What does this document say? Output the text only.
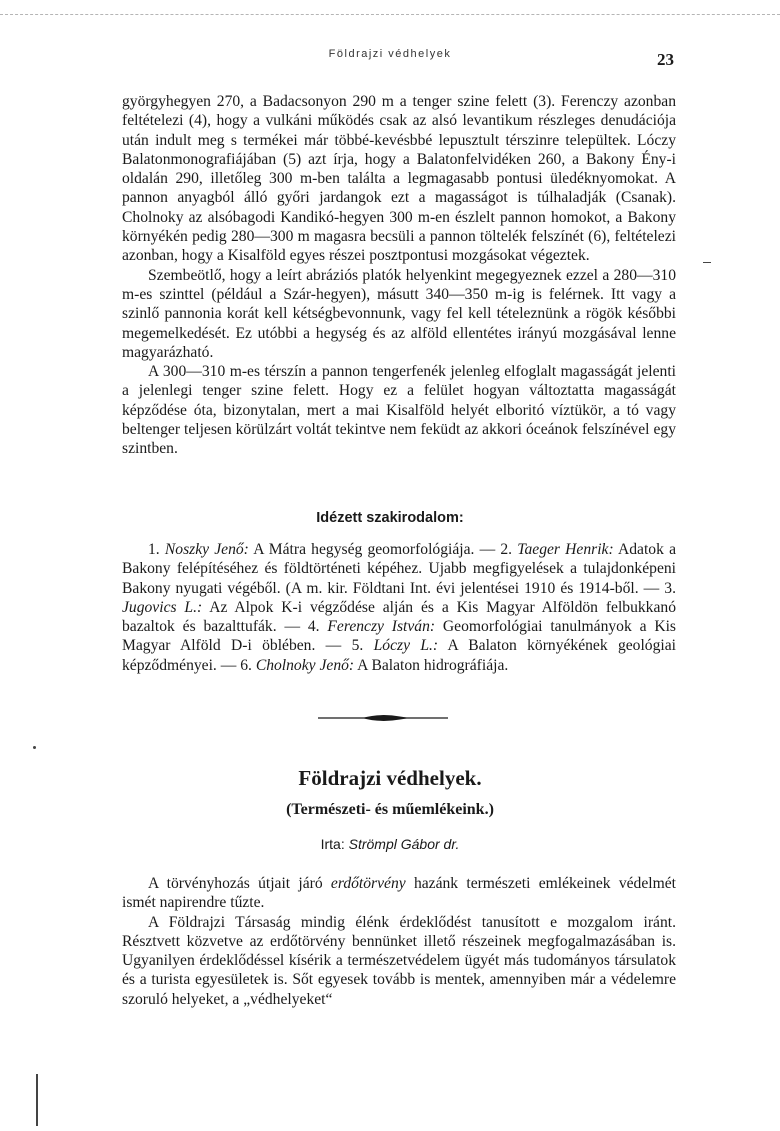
Földrajzi védhelyek	23

györgyhegyen 270, a Badacsonyon 290 m a tenger szine felett (3). Ferenczy azonban feltételezi (4), hogy a vulkáni működés csak az alsó levantikum részleges denudációja után indult meg s termékei már többé-kevésbbé lepusztult térszinre települtek. Lóczy Balatonmonografiájában (5) azt írja, hogy a Balatonfelvidéken 260, a Bakony Ény-i oldalán 290, illetőleg 300 m-ben találta a legmagasabb pontusi üledéknyomokat. A pannon anyagból álló győri jardangok ezt a magasságot is túlhaladják (Csanak). Cholnoky az alsóbagodi Kandikó-hegyen 300 m-en észlelt pannon homokot, a Bakony környékén pedig 280—300 m magasra becsüli a pannon töltelék felszínét (6), feltételezi azonban, hogy a Kisalföld egyes részei posztpontusi mozgásokat végeztek.

Szembeötlő, hogy a leírt abráziós platók helyenkint megegyeznek ezzel a 280—310 m-es szinttel (például a Szár-hegyen), másutt 340—350 m-ig is felérnek. Itt vagy a szinlő pannonia korát kell kétségbevonnunk, vagy fel kell tételeznünk a rögök későbbi megemelkedését. Ez utóbbi a hegység és az alföld ellentétes irányú mozgásával lenne magyarázható.

A 300—310 m-es térszín a pannon tengerfenék jelenleg elfoglalt magasságát jelenti a jelenlegi tenger szine felett. Hogy ez a felület hogyan változtatta magasságát képződése óta, bizonytalan, mert a mai Kisalföld helyét elboritó víztükör, a tó vagy beltenger teljesen körülzárt voltát tekintve nem feküdt az akkori óceánok felszínével egy szintben.

Idézett szakirodalom:

1. Noszky Jenő: A Mátra hegység geomorfológiája. — 2. Taeger Henrik: Adatok a Bakony felépítéséhez és földtörténeti képéhez. Ujabb megfigyelések a tulajdonképeni Bakony nyugati végéből. (A m. kir. Földtani Int. évi jelentései 1910 és 1914-ből. — 3. Jugovics L.: Az Alpok K-i végződése alján és a Kis Magyar Alföldön felbukkanó bazaltok és bazalttufák. — 4. Ferenczy István: Geomorfológiai tanulmányok a Kis Magyar Alföld D-i öblében. — 5. Lóczy L.: A Balaton környékének geológiai képződményei. — 6. Cholnoky Jenő: A Balaton hidrográfiája.

Földrajzi védhelyek.
(Természeti- és műemlékeink.)
Irta: Strömpl Gábor dr.

A törvényhozás útjait járó erdőtörvény hazánk természeti emlékeinek védelmét ismét napirendre tűzte.

A Földrajzi Társaság mindig élénk érdeklődést tanusított e mozgalom iránt. Résztvett közvetve az erdőtörvény bennünket illető részeinek megfogalmazásában is. Ugyanilyen érdeklődéssel kísérik a természetvédelem ügyét más tudományos társulatok és a turista egyesületek is. Sőt egyesek tovább is mentek, amennyiben már a védelemre szoruló helyeket, a „védhelyeket“
